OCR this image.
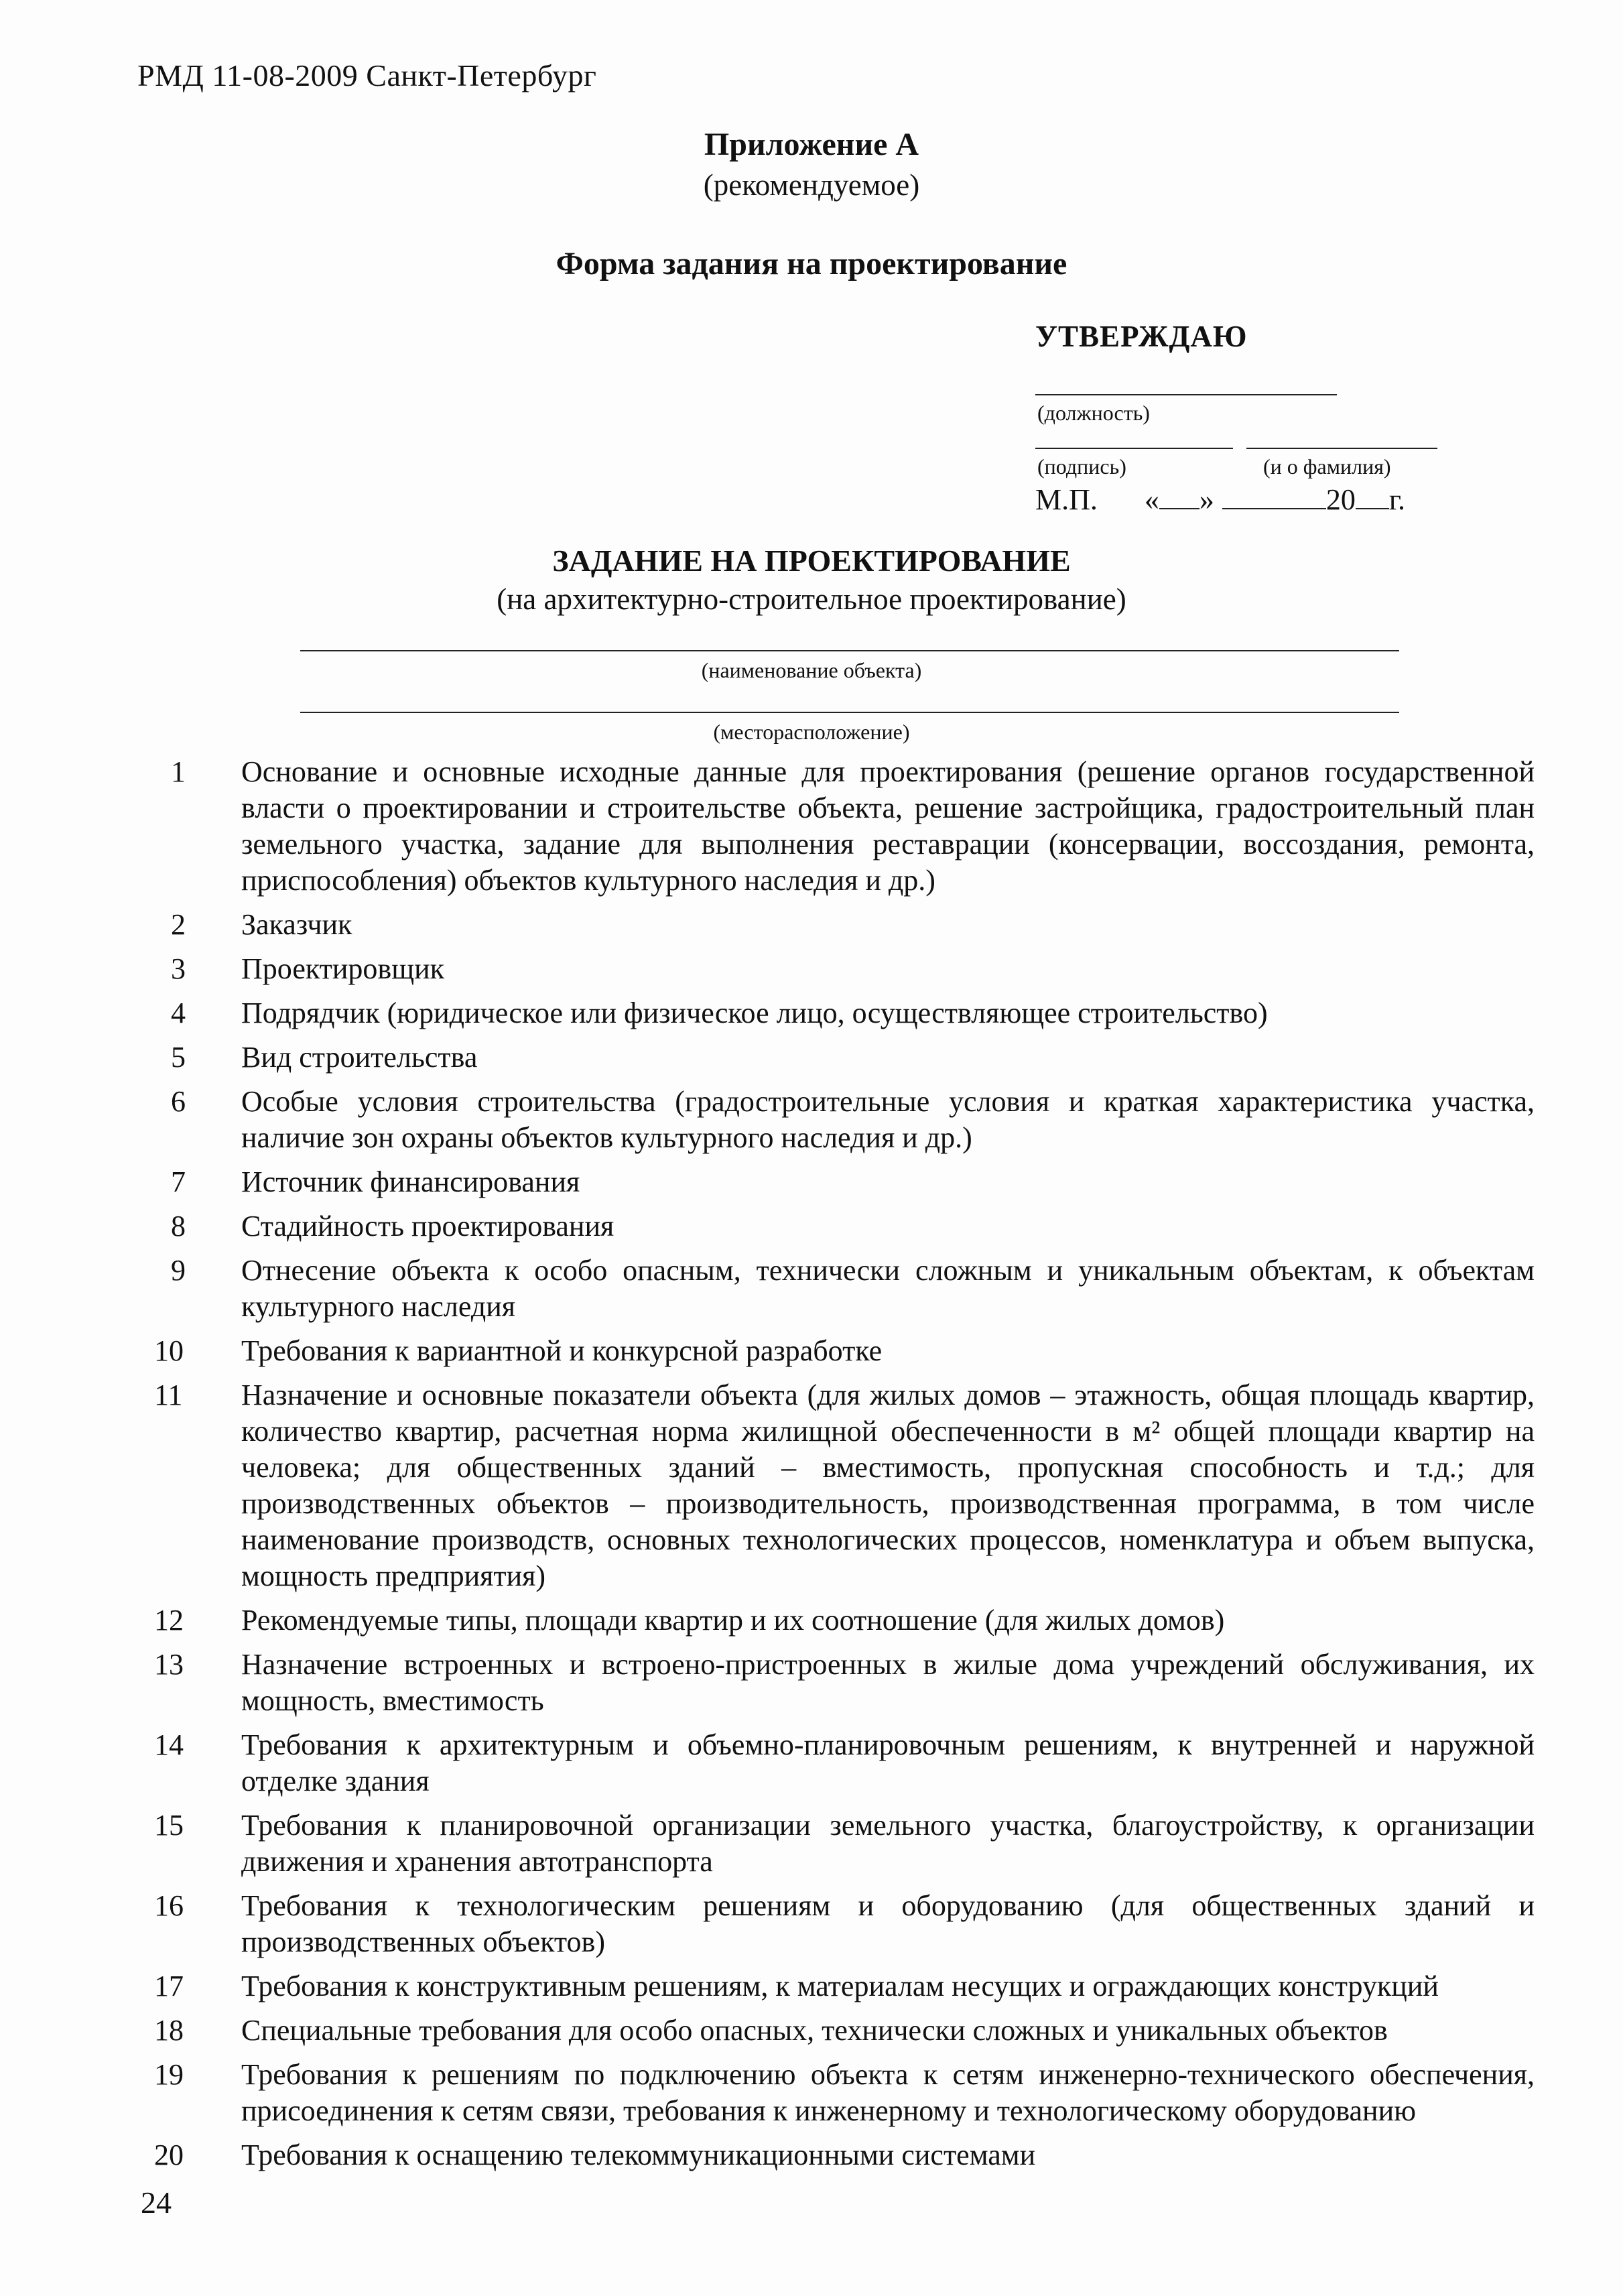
РМД 11-08-2009 Санкт-Петербург
Приложение А
(рекомендуемое)
Форма задания на проектирование
УТВЕРЖДАЮ
(должность)
(подпись)	(и о фамилия)
М.П. « »	20 г.
ЗАДАНИЕ НА ПРОЕКТИРОВАНИЕ
(на архитектурно-строительное проектирование)
(наименование объекта)
(месторасположение)
1	Основание и основные исходные данные для проектирования (решение органов государственной власти о проектировании и строительстве объекта, решение застройщика, градостроительный план земельного участка, задание для выполнения реставрации (консервации, воссоздания, ремонта, приспособления) объектов культурного наследия и др.)
2	Заказчик
3	Проектировщик
4	Подрядчик (юридическое или физическое лицо, осуществляющее строительство)
5	Вид строительства
6	Особые условия строительства (градостроительные условия и краткая характеристика участка, наличие зон охраны объектов культурного наследия и др.)
7	Источник финансирования
8	Стадийность проектирования
9	Отнесение объекта к особо опасным, технически сложным и уникальным объектам, к объектам культурного наследия
10	Требования к вариантной и конкурсной разработке
11	Назначение и основные показатели объекта (для жилых домов – этажность, общая площадь квартир, количество квартир, расчетная норма жилищной обеспеченности в м² общей площади квартир на человека; для общественных зданий – вместимость, пропускная способность и т.д.; для производственных объектов – производительность, производственная программа, в том числе наименование производств, основных технологических процессов, номенклатура и объем выпуска, мощность предприятия)
12	Рекомендуемые типы, площади квартир и их соотношение (для жилых домов)
13	Назначение встроенных и встроено-пристроенных в жилые дома учреждений обслуживания, их мощность, вместимость
14	Требования к архитектурным и объемно-планировочным решениям, к внутренней и наружной отделке здания
15	Требования к планировочной организации земельного участка, благоустройству, к организации движения и хранения автотранспорта
16	Требования к технологическим решениям и оборудованию (для общественных зданий и производственных объектов)
17	Требования к конструктивным решениям, к материалам несущих и ограждающих конструкций
18	Специальные требования для особо опасных, технически сложных и уникальных объектов
19	Требования к решениям по подключению объекта к сетям инженерно-технического обеспечения, присоединения к сетям связи, требования к инженерному и технологическому оборудованию
20	Требования к оснащению телекоммуникационными системами
24
